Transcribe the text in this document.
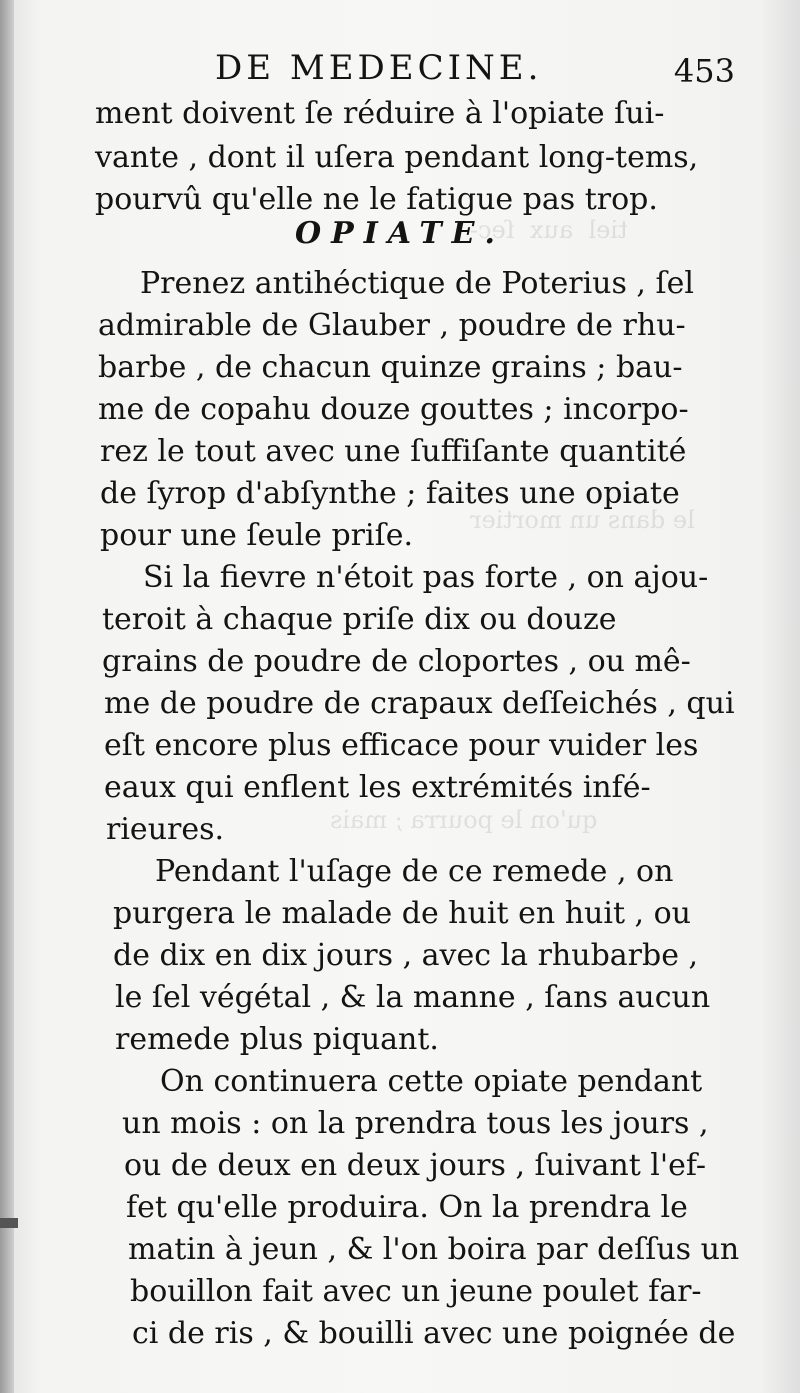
tiel  aux  ſec-
le dans un mortier
qu'on le pourra ; mais
DE MEDECINE.	453

ment doivent ſe réduire à l'opiate ſui-

vante , dont il uſera pendant long-tems,

pourvû qu'elle ne le fatigue pas trop.

OPIATE.

Prenez antihéctique de Poterius , ſel

admirable de Glauber , poudre de rhu-

barbe , de chacun quinze grains ; bau-

me de copahu douze gouttes ; incorpo-

rez le tout avec une ſuffiſante quantité

de ſyrop d'abſynthe ; faites une opiate

pour une ſeule priſe.

Si la fievre n'étoit pas forte , on ajou-

teroit à chaque priſe dix ou douze

grains de poudre de cloportes , ou mê-

me de poudre de crapaux deſſeichés , qui

eſt encore plus efficace pour vuider les

eaux qui enflent les extrémités infé-

rieures.

Pendant l'uſage de ce remede , on

purgera le malade de huit en huit , ou

de dix en dix jours , avec la rhubarbe ,

le ſel végétal , & la manne , ſans aucun

remede plus piquant.

On continuera cette opiate pendant

un mois : on la prendra tous les jours ,

ou de deux en deux jours , ſuivant l'ef-

fet qu'elle produira. On la prendra le

matin à jeun , & l'on boira par deſſus un

bouillon fait avec un jeune poulet far-

ci de ris , & bouilli avec une poignée de
